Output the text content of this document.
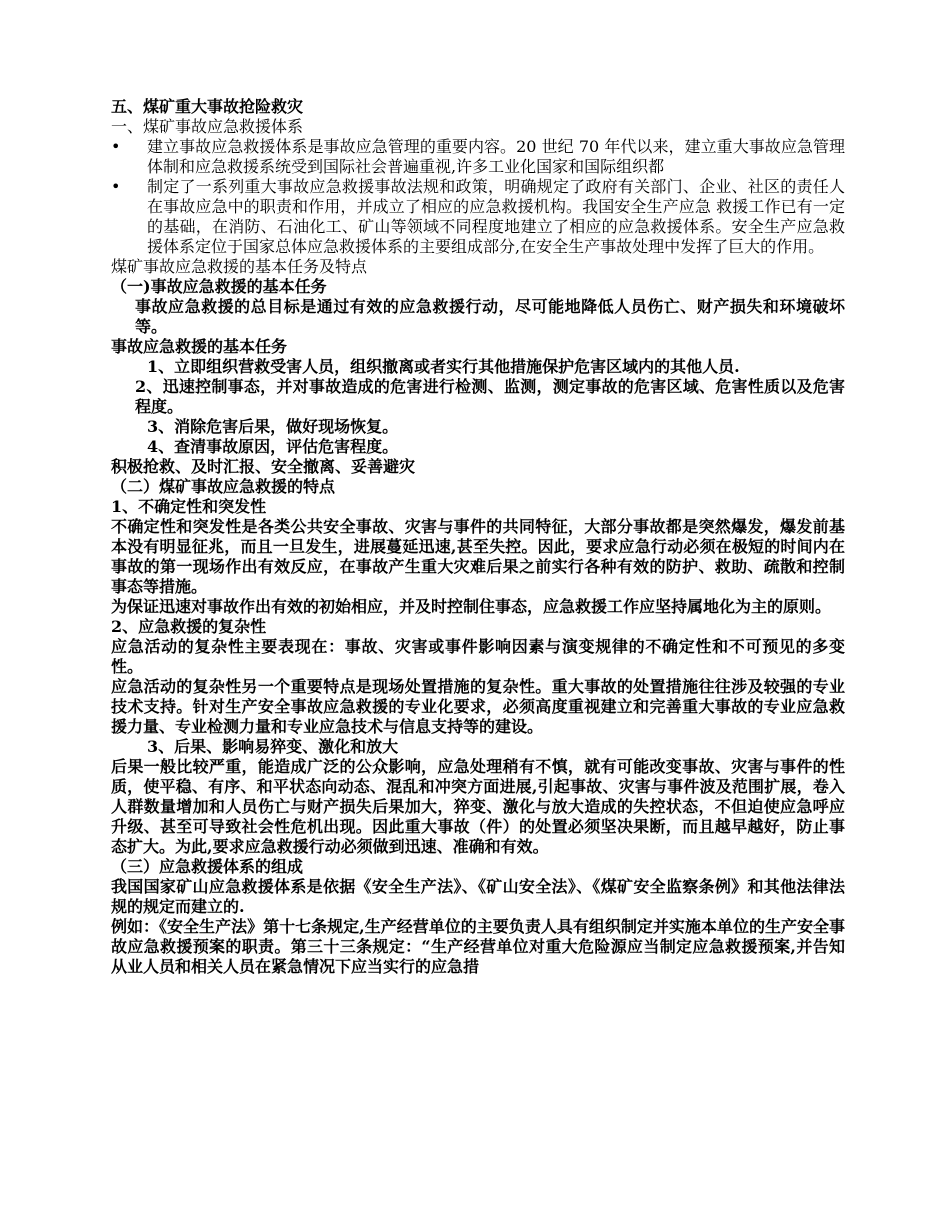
五、煤矿重大事故抢险救灾

一、煤矿事故应急救援体系

• 建立事故应急救援体系是事故应急管理的重要内容。20 世纪 70 年代以来，建立重大事故应急管理体制和应急救援系统受到国际社会普遍重视,许多工业化国家和国际组织都

• 制定了一系列重大事故应急救援事故法规和政策，明确规定了政府有关部门、企业、社区的责任人在事故应急中的职责和作用，并成立了相应的应急救援机构。我国安全生产应急 救援工作已有一定的基础，在消防、石油化工、矿山等领域不同程度地建立了相应的应急救援体系。安全生产应急救援体系定位于国家总体应急救援体系的主要组成部分,在安全生产事故处理中发挥了巨大的作用。

煤矿事故应急救援的基本任务及特点

（一)事故应急救援的基本任务

事故应急救援的总目标是通过有效的应急救援行动，尽可能地降低人员伤亡、财产损失和环境破坏等。

事故应急救援的基本任务

1、立即组织营救受害人员，组织撤离或者实行其他措施保护危害区域内的其他人员.

2、迅速控制事态，并对事故造成的危害进行检测、监测，测定事故的危害区域、危害性质以及危害程度。

3、消除危害后果，做好现场恢复。

4、查清事故原因，评估危害程度。

积极抢救、及时汇报、安全撤离、妥善避灾

（二）煤矿事故应急救援的特点

1、不确定性和突发性

不确定性和突发性是各类公共安全事故、灾害与事件的共同特征，大部分事故都是突然爆发，爆发前基本没有明显征兆，而且一旦发生，进展蔓延迅速,甚至失控。因此，要求应急行动必须在极短的时间内在事故的第一现场作出有效反应，在事故产生重大灾难后果之前实行各种有效的防护、救助、疏散和控制事态等措施。

为保证迅速对事故作出有效的初始相应，并及时控制住事态，应急救援工作应坚持属地化为主的原则。

2、应急救援的复杂性

应急活动的复杂性主要表现在：事故、灾害或事件影响因素与演变规律的不确定性和不可预见的多变性。

应急活动的复杂性另一个重要特点是现场处置措施的复杂性。重大事故的处置措施往往涉及较强的专业技术支持。针对生产安全事故应急救援的专业化要求，必须高度重视建立和完善重大事故的专业应急救援力量、专业检测力量和专业应急技术与信息支持等的建设。

3、后果、影响易猝变、激化和放大

后果一般比较严重，能造成广泛的公众影响，应急处理稍有不慎，就有可能改变事故、灾害与事件的性质，使平稳、有序、和平状态向动态、混乱和冲突方面进展,引起事故、灾害与事件波及范围扩展，卷入人群数量增加和人员伤亡与财产损失后果加大，猝变、激化与放大造成的失控状态，不但迫使应急呼应升级、甚至可导致社会性危机出现。因此重大事故（件）的处置必须坚决果断，而且越早越好，防止事态扩大。为此,要求应急救援行动必须做到迅速、准确和有效。

（三）应急救援体系的组成

我国国家矿山应急救援体系是依据《安全生产法》、《矿山安全法》、《煤矿安全监察条例》和其他法律法规的规定而建立的.

例如：《安全生产法》第十七条规定,生产经营单位的主要负责人具有组织制定并实施本单位的生产安全事故应急救援预案的职责。第三十三条规定：“生产经营单位对重大危险源应当制定应急救援预案,并告知从业人员和相关人员在紧急情况下应当实行的应急措
